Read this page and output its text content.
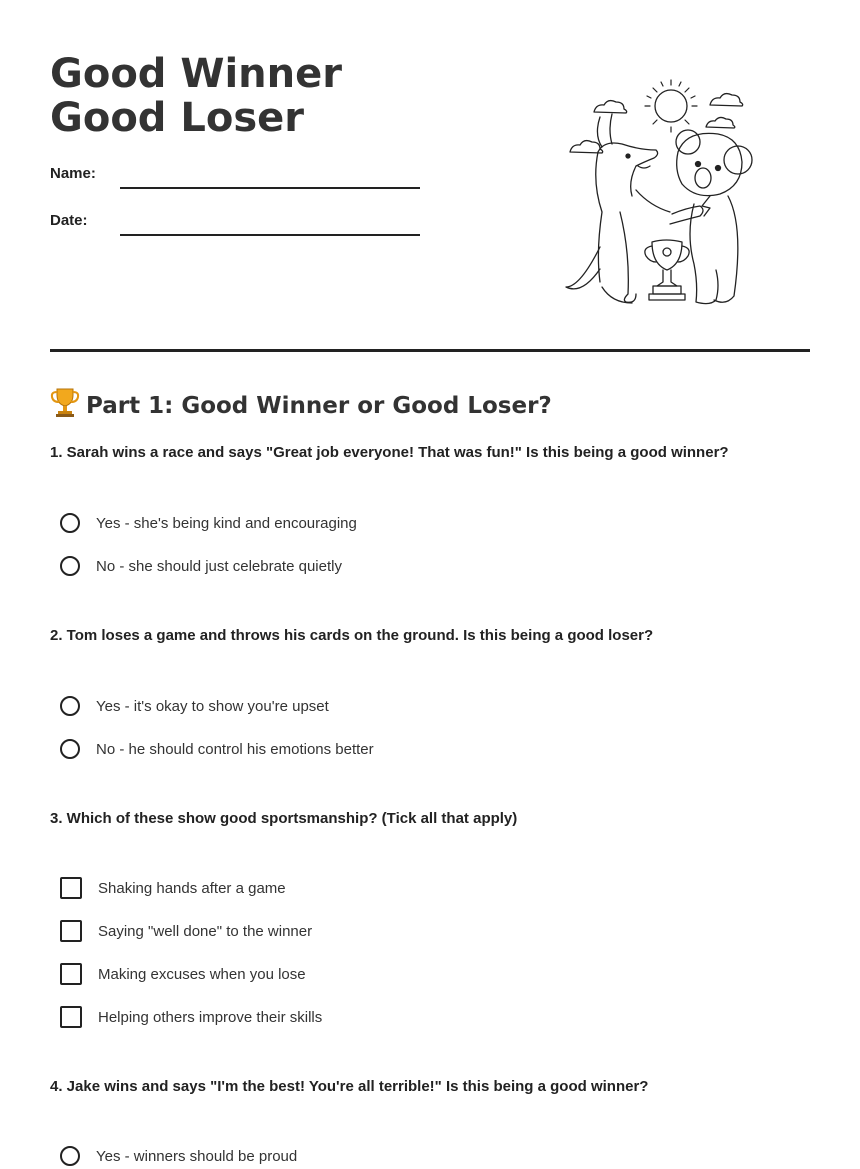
Good Winner Good Loser
Name:
Date:
Part 1: Good Winner or Good Loser?
1. Sarah wins a race and says "Great job everyone! That was fun!" Is this being a good winner?
Yes - she's being kind and encouraging
No - she should just celebrate quietly
2. Tom loses a game and throws his cards on the ground. Is this being a good loser?
Yes - it's okay to show you're upset
No - he should control his emotions better
3. Which of these show good sportsmanship? (Tick all that apply)
Shaking hands after a game
Saying "well done" to the winner
Making excuses when you lose
Helping others improve their skills
4. Jake wins and says "I'm the best! You're all terrible!" Is this being a good winner?
Yes - winners should be proud
